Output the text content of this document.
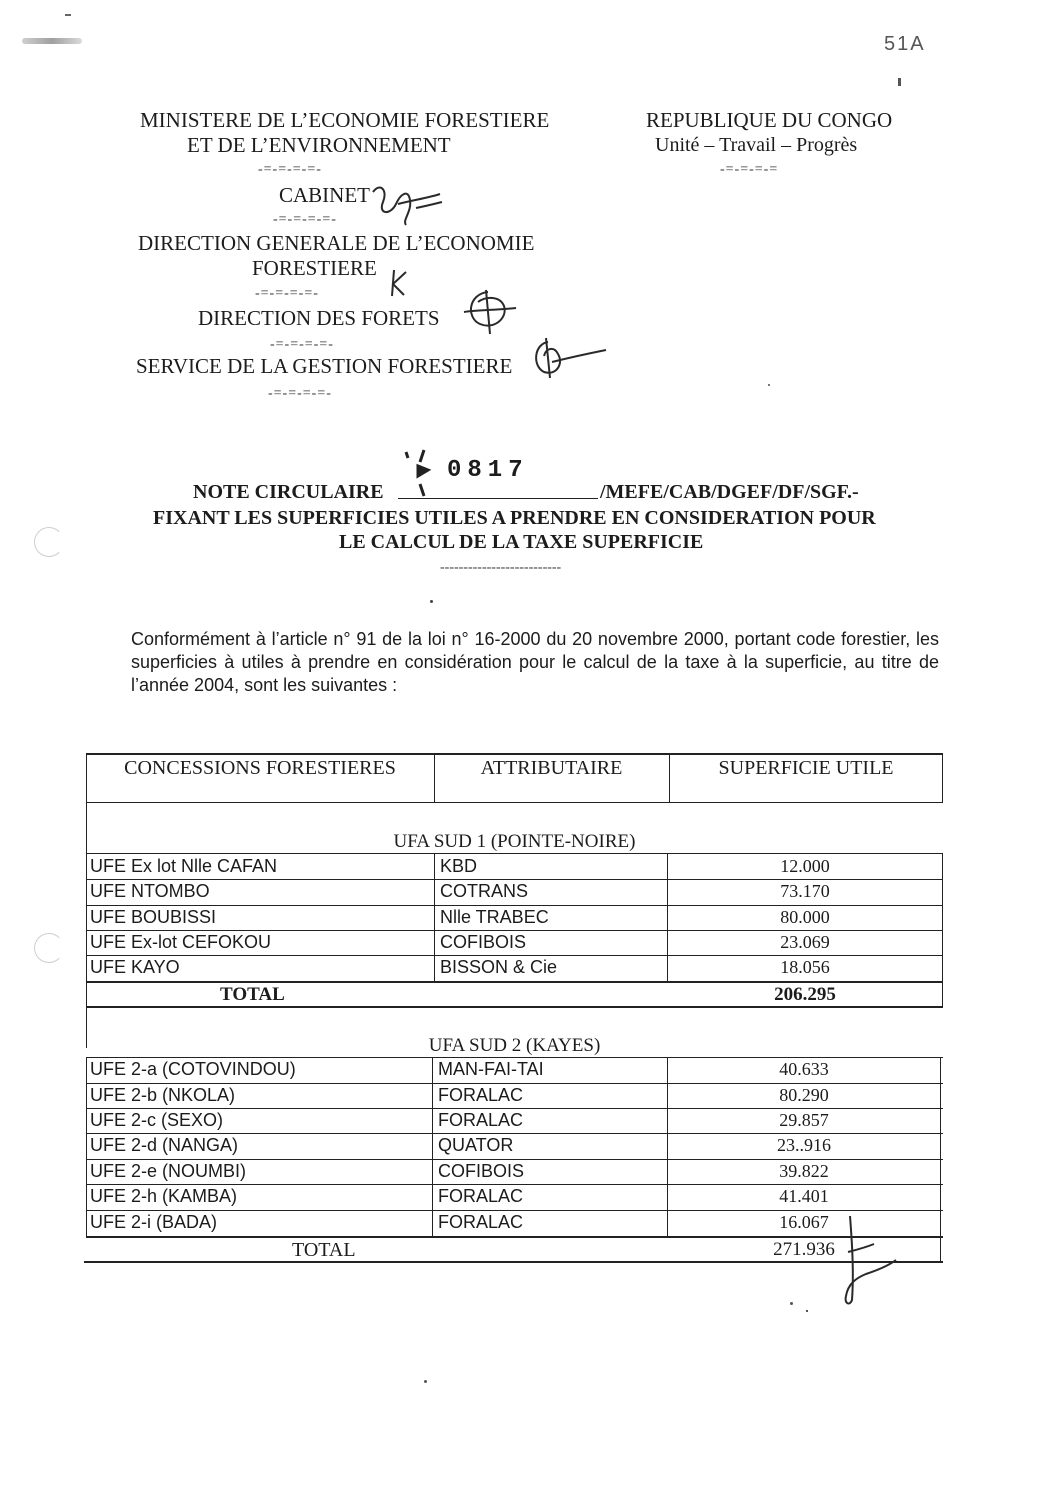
51A
MINISTERE DE L’ECONOMIE FORESTIERE
ET DE L’ENVIRONNEMENT
-=-=-=-=-
CABINET
-=-=-=-=-
DIRECTION GENERALE DE L’ECONOMIE
FORESTIERE
-=-=-=-=-
DIRECTION DES FORETS
-=-=-=-=-
SERVICE DE LA GESTION FORESTIERE
-=-=-=-=-
REPUBLIQUE DU CONGO
Unité – Travail – Progrès
-=-=-=-=
0817
NOTE CIRCULAIRE	/MEFE/CAB/DGEF/DF/SGF.-
FIXANT LES SUPERFICIES UTILES A PRENDRE EN CONSIDERATION POUR
LE CALCUL DE LA TAXE SUPERFICIE
--------------------------
Conformément à l’article n° 91 de la loi n° 16-2000 du 20 novembre 2000, portant code forestier, les superficies à utiles à prendre en considération pour le calcul de la taxe à la superficie, au titre de l’année 2004, sont les suivantes :
CONCESSIONS FORESTIERES	ATTRIBUTAIRE	SUPERFICIE UTILE
UFA SUD 1 (POINTE-NOIRE)
UFE Ex lot Nlle CAFAN	KBD	12.000
UFE NTOMBO	COTRANS	73.170
UFE BOUBISSI	Nlle TRABEC	80.000
UFE Ex-lot CEFOKOU	COFIBOIS	23.069
UFE KAYO	BISSON & Cie	18.056
TOTAL	206.295
UFA SUD 2 (KAYES)
UFE 2-a (COTOVINDOU)	MAN-FAI-TAI	40.633
UFE 2-b (NKOLA)	FORALAC	80.290
UFE 2-c (SEXO)	FORALAC	29.857
UFE 2-d (NANGA)	QUATOR	23..916
UFE 2-e (NOUMBI)	COFIBOIS	39.822
UFE 2-h (KAMBA)	FORALAC	41.401
UFE 2-i (BADA)	FORALAC	16.067
TOTAL	271.936
